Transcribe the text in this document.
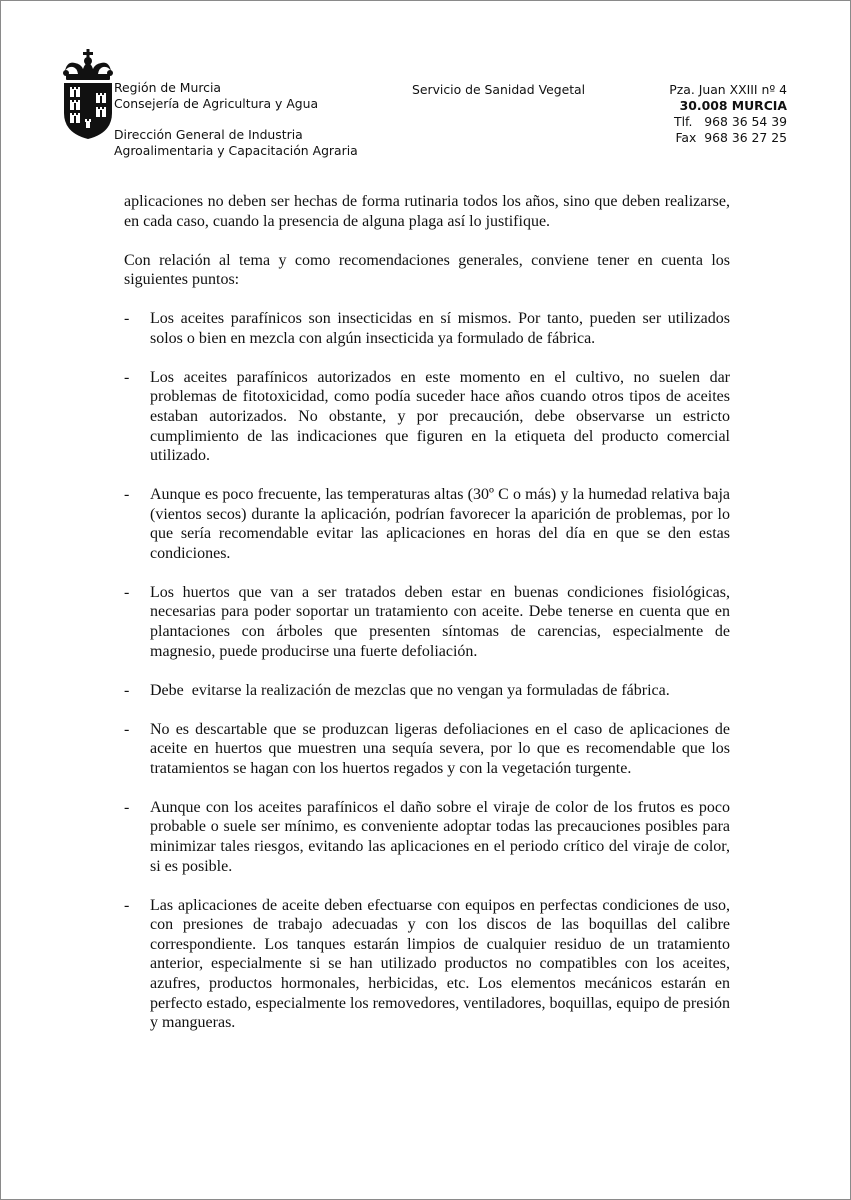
Región de Murcia
Consejería de Agricultura y Agua

Dirección General de Industria
Agroalimentaria y Capacitación Agraria

Servicio de Sanidad Vegetal	Pza. Juan XXIII nº 4
30.008 MURCIA
Tlf.   968 36 54 39
Fax  968 36 27 25

aplicaciones no deben ser hechas de forma rutinaria todos los años, sino que deben realizarse, en cada caso, cuando la presencia de alguna plaga así lo justifique.

Con relación al tema y como recomendaciones generales, conviene tener en cuenta los siguientes puntos:

- Los aceites parafínicos son insecticidas en sí mismos. Por tanto, pueden ser utilizados solos o bien en mezcla con algún insecticida ya formulado de fábrica.
- Los aceites parafínicos autorizados en este momento en el cultivo, no suelen dar problemas de fitotoxicidad, como podía suceder hace años cuando otros tipos de aceites estaban autorizados. No obstante, y por precaución, debe observarse un estricto cumplimiento de las indicaciones que figuren en la etiqueta del producto comercial utilizado.
- Aunque es poco frecuente, las temperaturas altas (30º C o más) y la humedad relativa baja (vientos secos) durante la aplicación, podrían favorecer la aparición de problemas, por lo que sería recomendable evitar las aplicaciones en horas del día en que se den estas condiciones.
- Los huertos que van a ser tratados deben estar en buenas condiciones fisiológicas, necesarias para poder soportar un tratamiento con aceite. Debe tenerse en cuenta que en plantaciones con árboles que presenten síntomas de carencias, especialmente de magnesio, puede producirse una fuerte defoliación.
- Debe  evitarse la realización de mezclas que no vengan ya formuladas de fábrica.
- No es descartable que se produzcan ligeras defoliaciones en el caso de aplicaciones de aceite en huertos que muestren una sequía severa, por lo que es recomendable que los tratamientos se hagan con los huertos regados y con la vegetación turgente.
- Aunque con los aceites parafínicos el daño sobre el viraje de color de los frutos es poco probable o suele ser mínimo, es conveniente adoptar todas las precauciones posibles para minimizar tales riesgos, evitando las aplicaciones en el periodo crítico del viraje de color, si es posible.
- Las aplicaciones de aceite deben efectuarse con equipos en perfectas condiciones de uso, con presiones de trabajo adecuadas y con los discos de las boquillas del calibre correspondiente. Los tanques estarán limpios de cualquier residuo de un tratamiento anterior, especialmente si se han utilizado productos no compatibles con los aceites, azufres, productos hormonales, herbicidas, etc. Los elementos mecánicos estarán en perfecto estado, especialmente los removedores, ventiladores, boquillas, equipo de presión y mangueras.
